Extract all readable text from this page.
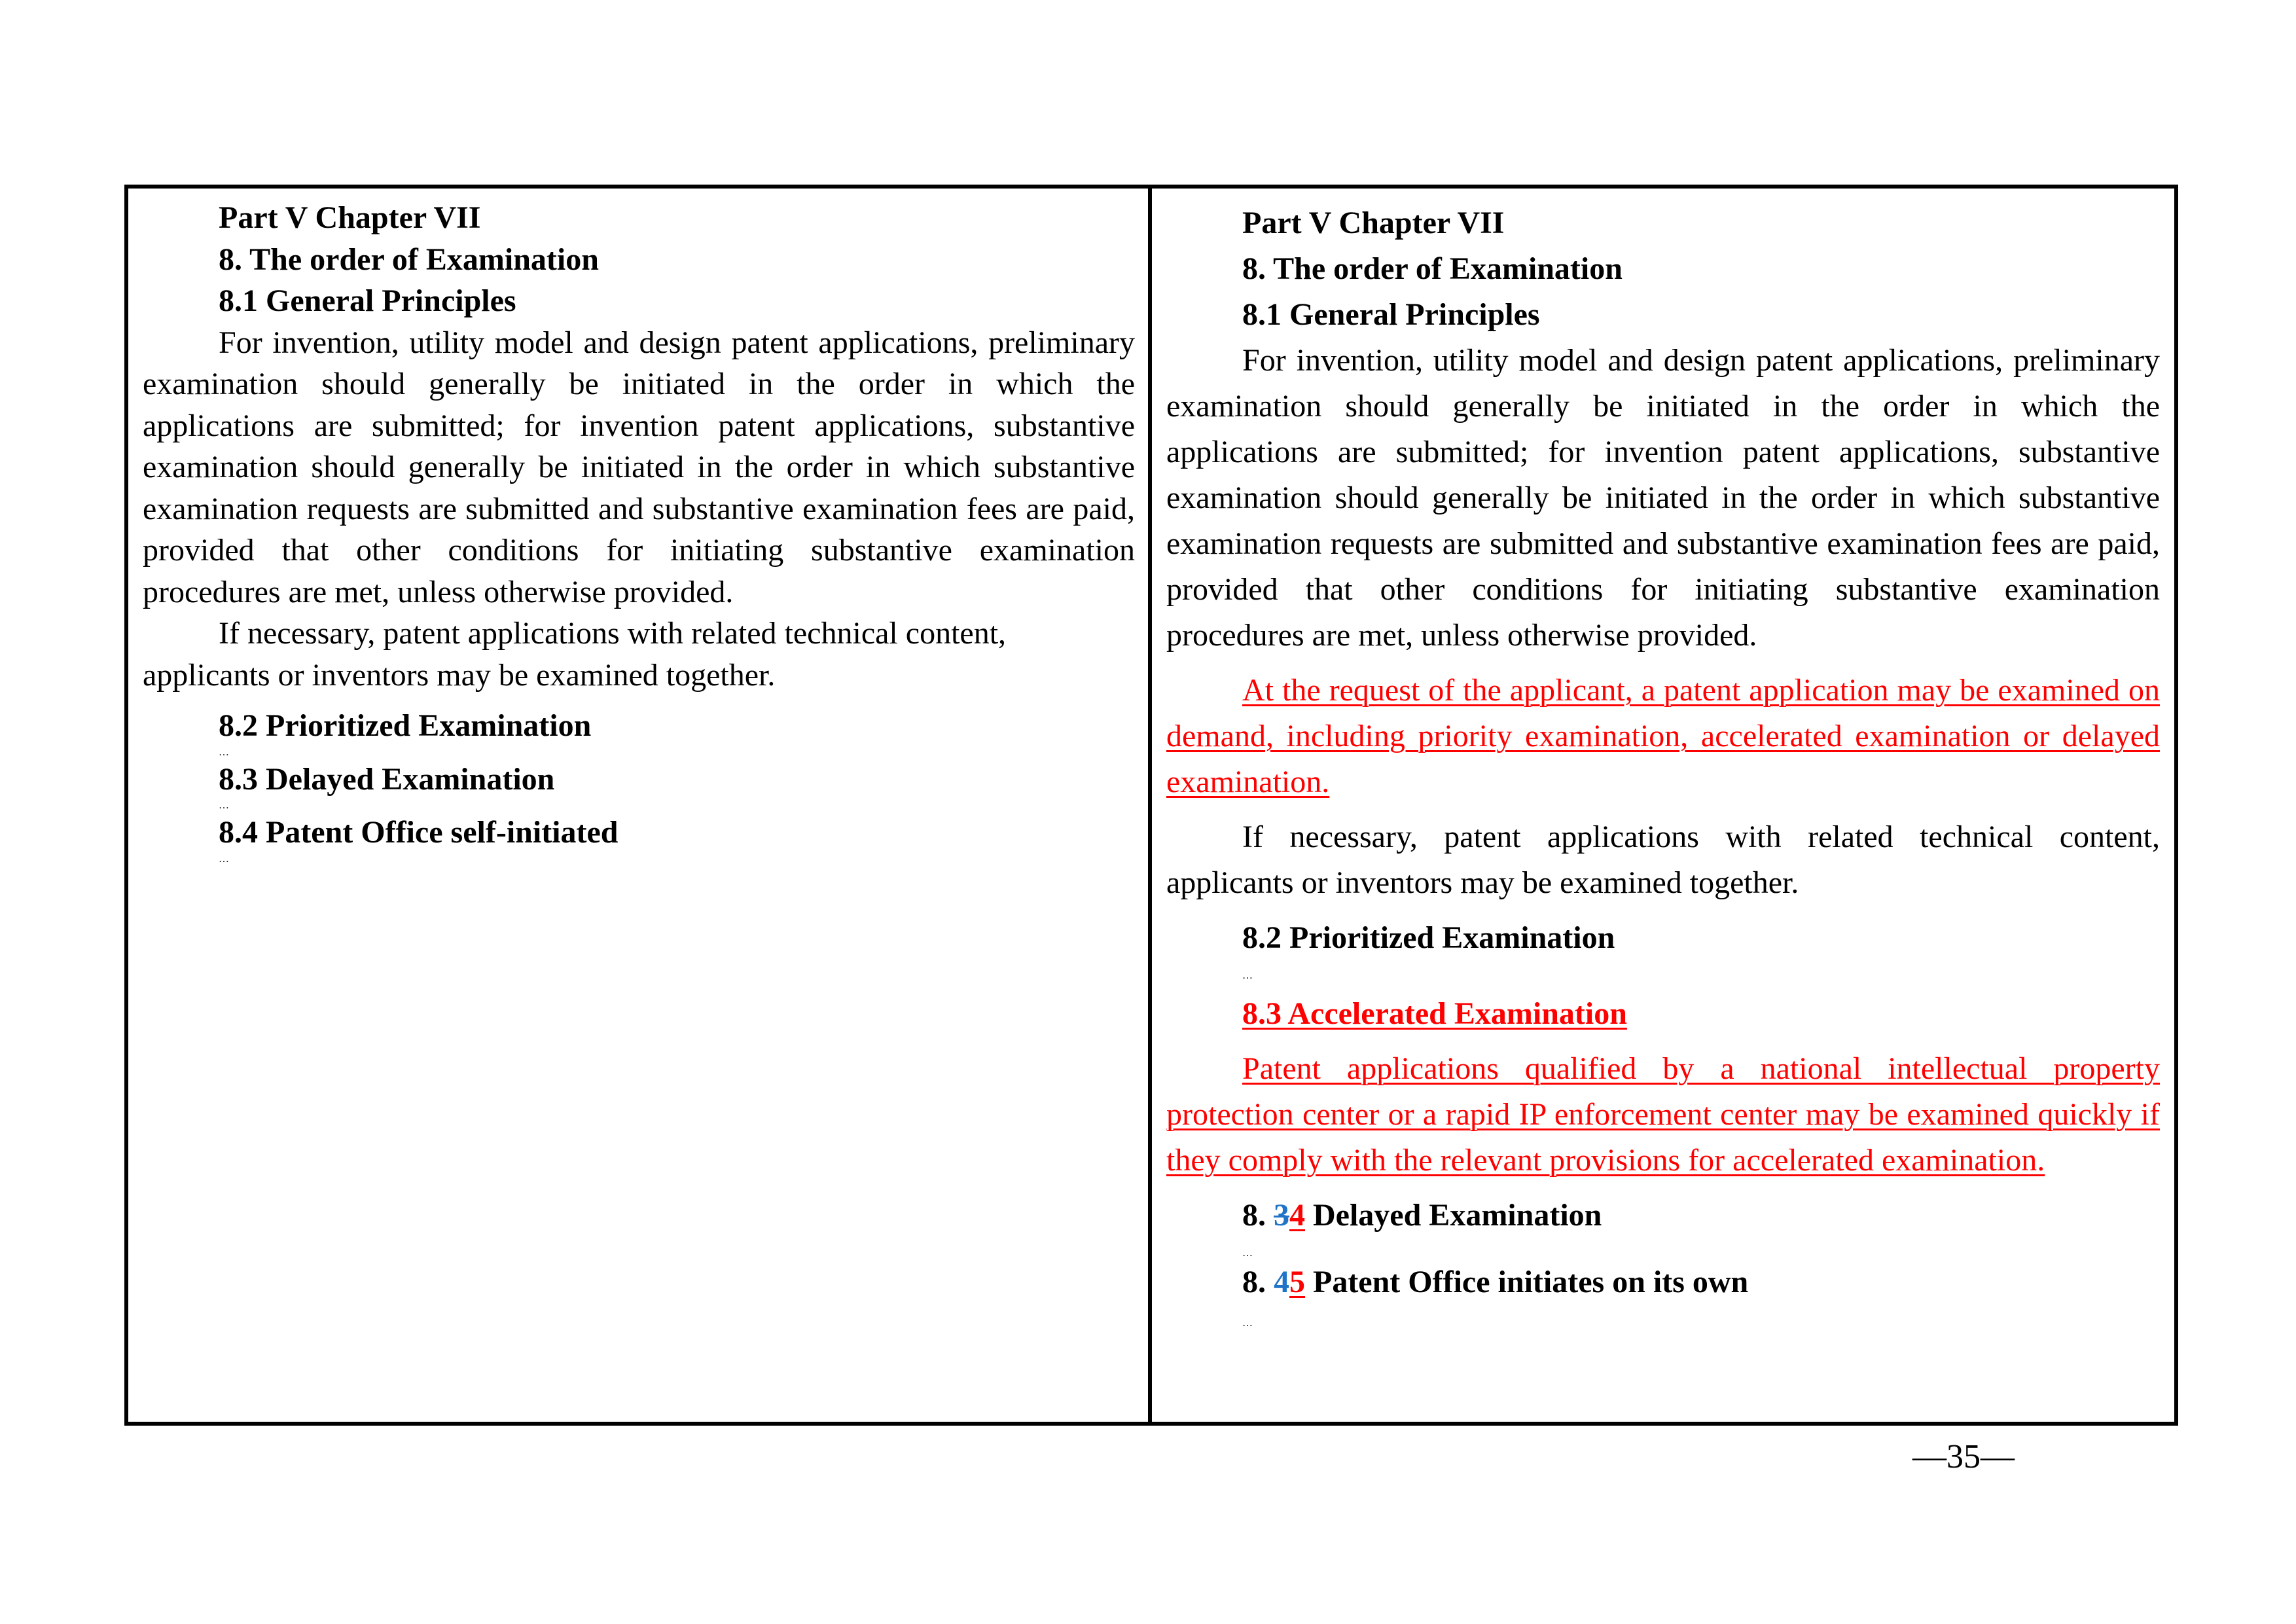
Part V Chapter VII

8. The order of Examination

8.1 General Principles

For invention, utility model and design patent applications, preliminary examination should generally be initiated in the order in which the applications are submitted; for invention patent applications, substantive examination should generally be initiated in the order in which substantive examination requests are submitted and substantive examination fees are paid, provided that other conditions for initiating substantive examination procedures are met, unless otherwise provided.

If necessary, patent applications with related technical content, applicants or inventors may be examined together.

8.2 Prioritized Examination

…

8.3 Delayed Examination

…

8.4 Patent Office self-initiated

…

Part V Chapter VII

8. The order of Examination

8.1 General Principles

For invention, utility model and design patent applications, preliminary examination should generally be initiated in the order in which the applications are submitted; for invention patent applications, substantive examination should generally be initiated in the order in which substantive examination requests are submitted and substantive examination fees are paid, provided that other conditions for initiating substantive examination procedures are met, unless otherwise provided.

At the request of the applicant, a patent application may be examined on demand, including priority examination, accelerated examination or delayed examination.

If necessary, patent applications with related technical content, applicants or inventors may be examined together.

8.2 Prioritized Examination

…

8.3 Accelerated Examination

Patent applications qualified by a national intellectual property protection center or a rapid IP enforcement center may be examined quickly if they comply with the relevant provisions for accelerated examination.

8. 34 Delayed Examination

…

8. 45 Patent Office initiates on its own

…

—35—
